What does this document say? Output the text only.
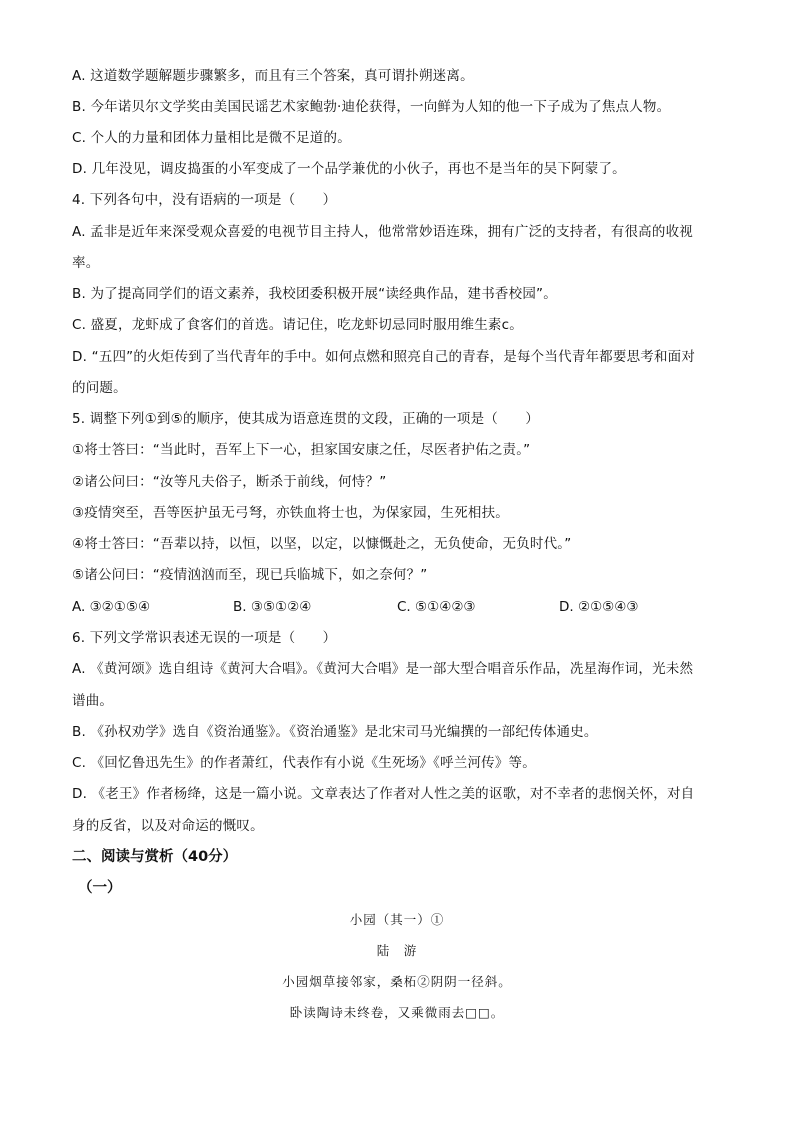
A. 这道数学题解题步骤繁多，而且有三个答案，真可谓扑朔迷离。
B. 今年诺贝尔文学奖由美国民谣艺术家鲍勃·迪伦获得，一向鲜为人知的他一下子成为了焦点人物。
C. 个人的力量和团体力量相比是微不足道的。
D. 几年没见，调皮捣蛋的小军变成了一个品学兼优的小伙子，再也不是当年的吴下阿蒙了。
4. 下列各句中，没有语病的一项是（　　）
A. 孟非是近年来深受观众喜爱的电视节目主持人，他常常妙语连珠，拥有广泛的支持者，有很高的收视
率。
B. 为了提高同学们的语文素养，我校团委积极开展“读经典作品，建书香校园”。
C. 盛夏，龙虾成了食客们的首选。请记住，吃龙虾切忌同时服用维生素c。
D. “五四”的火炬传到了当代青年的手中。如何点燃和照亮自己的青春，是每个当代青年都要思考和面对
的问题。
5. 调整下列①到⑤的顺序，使其成为语意连贯的文段，正确的一项是（　　）
①将士答曰：“当此时，吾军上下一心，担家国安康之任，尽医者护佑之责。”
②诸公问曰：“汝等凡夫俗子，断杀于前线，何恃？”
③疫情突至，吾等医护虽无弓弩，亦铁血将士也，为保家园，生死相扶。
④将士答曰：“吾辈以持，以恒，以坚，以定，以慷慨赴之，无负使命，无负时代。”
⑤诸公问曰：“疫情汹汹而至，现已兵临城下，如之奈何？”
A. ③②①⑤④	B. ③⑤①②④	C. ⑤①④②③	D. ②①⑤④③
6. 下列文学常识表述无误的一项是（　　）
A. 《黄河颂》选自组诗《黄河大合唱》。《黄河大合唱》是一部大型合唱音乐作品，冼星海作词，光未然
谱曲。
B. 《孙权劝学》选自《资治通鉴》。《资治通鉴》是北宋司马光编撰的一部纪传体通史。
C. 《回忆鲁迅先生》的作者萧红，代表作有小说《生死场》《呼兰河传》等。
D. 《老王》作者杨绛，这是一篇小说。文章表达了作者对人性之美的讴歌，对不幸者的悲悯关怀，对自
身的反省，以及对命运的慨叹。
二、阅读与赏析（40分）
（一）
小园（其一）①
陆　游
小园烟草接邻家，桑柘②阴阴一径斜。
卧读陶诗未终卷，又乘微雨去□□。
